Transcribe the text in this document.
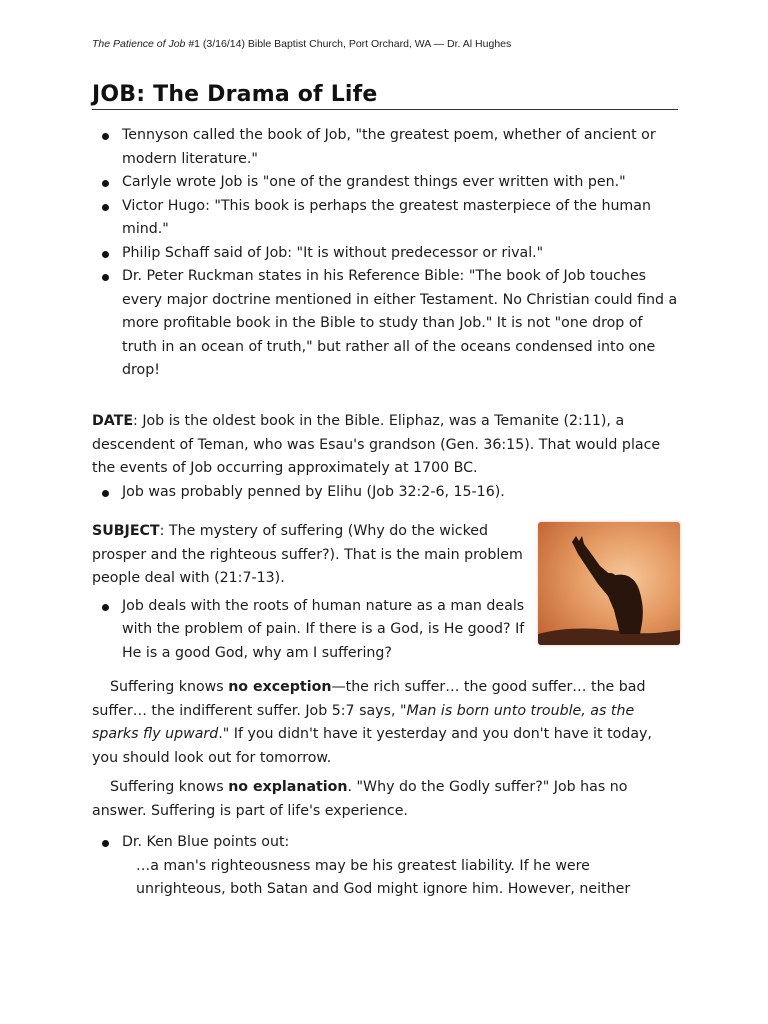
The Patience of Job #1 (3/16/14) Bible Baptist Church, Port Orchard, WA — Dr. Al Hughes
JOB: The Drama of Life
Tennyson called the book of Job, "the greatest poem, whether of ancient or modern literature."
Carlyle wrote Job is "one of the grandest things ever written with pen."
Victor Hugo: "This book is perhaps the greatest masterpiece of the human mind."
Philip Schaff said of Job: "It is without predecessor or rival."
Dr. Peter Ruckman states in his Reference Bible: "The book of Job touches every major doctrine mentioned in either Testament. No Christian could find a more profitable book in the Bible to study than Job." It is not "one drop of truth in an ocean of truth," but rather all of the oceans condensed into one drop!

DATE: Job is the oldest book in the Bible. Eliphaz, was a Temanite (2:11), a descendent of Teman, who was Esau's grandson (Gen. 36:15). That would place the events of Job occurring approximately at 1700 BC.

Job was probably penned by Elihu (Job 32:2-6, 15-16).

SUBJECT: The mystery of suffering (Why do the wicked prosper and the righteous suffer?). That is the main problem people deal with (21:7-13).

Job deals with the roots of human nature as a man deals with the problem of pain. If there is a God, is He good? If He is a good God, why am I suffering?

Suffering knows no exception—the rich suffer… the good suffer… the bad suffer… the indifferent suffer. Job 5:7 says, "Man is born unto trouble, as the sparks fly upward." If you didn't have it yesterday and you don't have it today, you should look out for tomorrow.

Suffering knows no explanation. "Why do the Godly suffer?" Job has no answer. Suffering is part of life's experience.

Dr. Ken Blue points out:

…a man's righteousness may be his greatest liability. If he were unrighteous, both Satan and God might ignore him. However, neither
